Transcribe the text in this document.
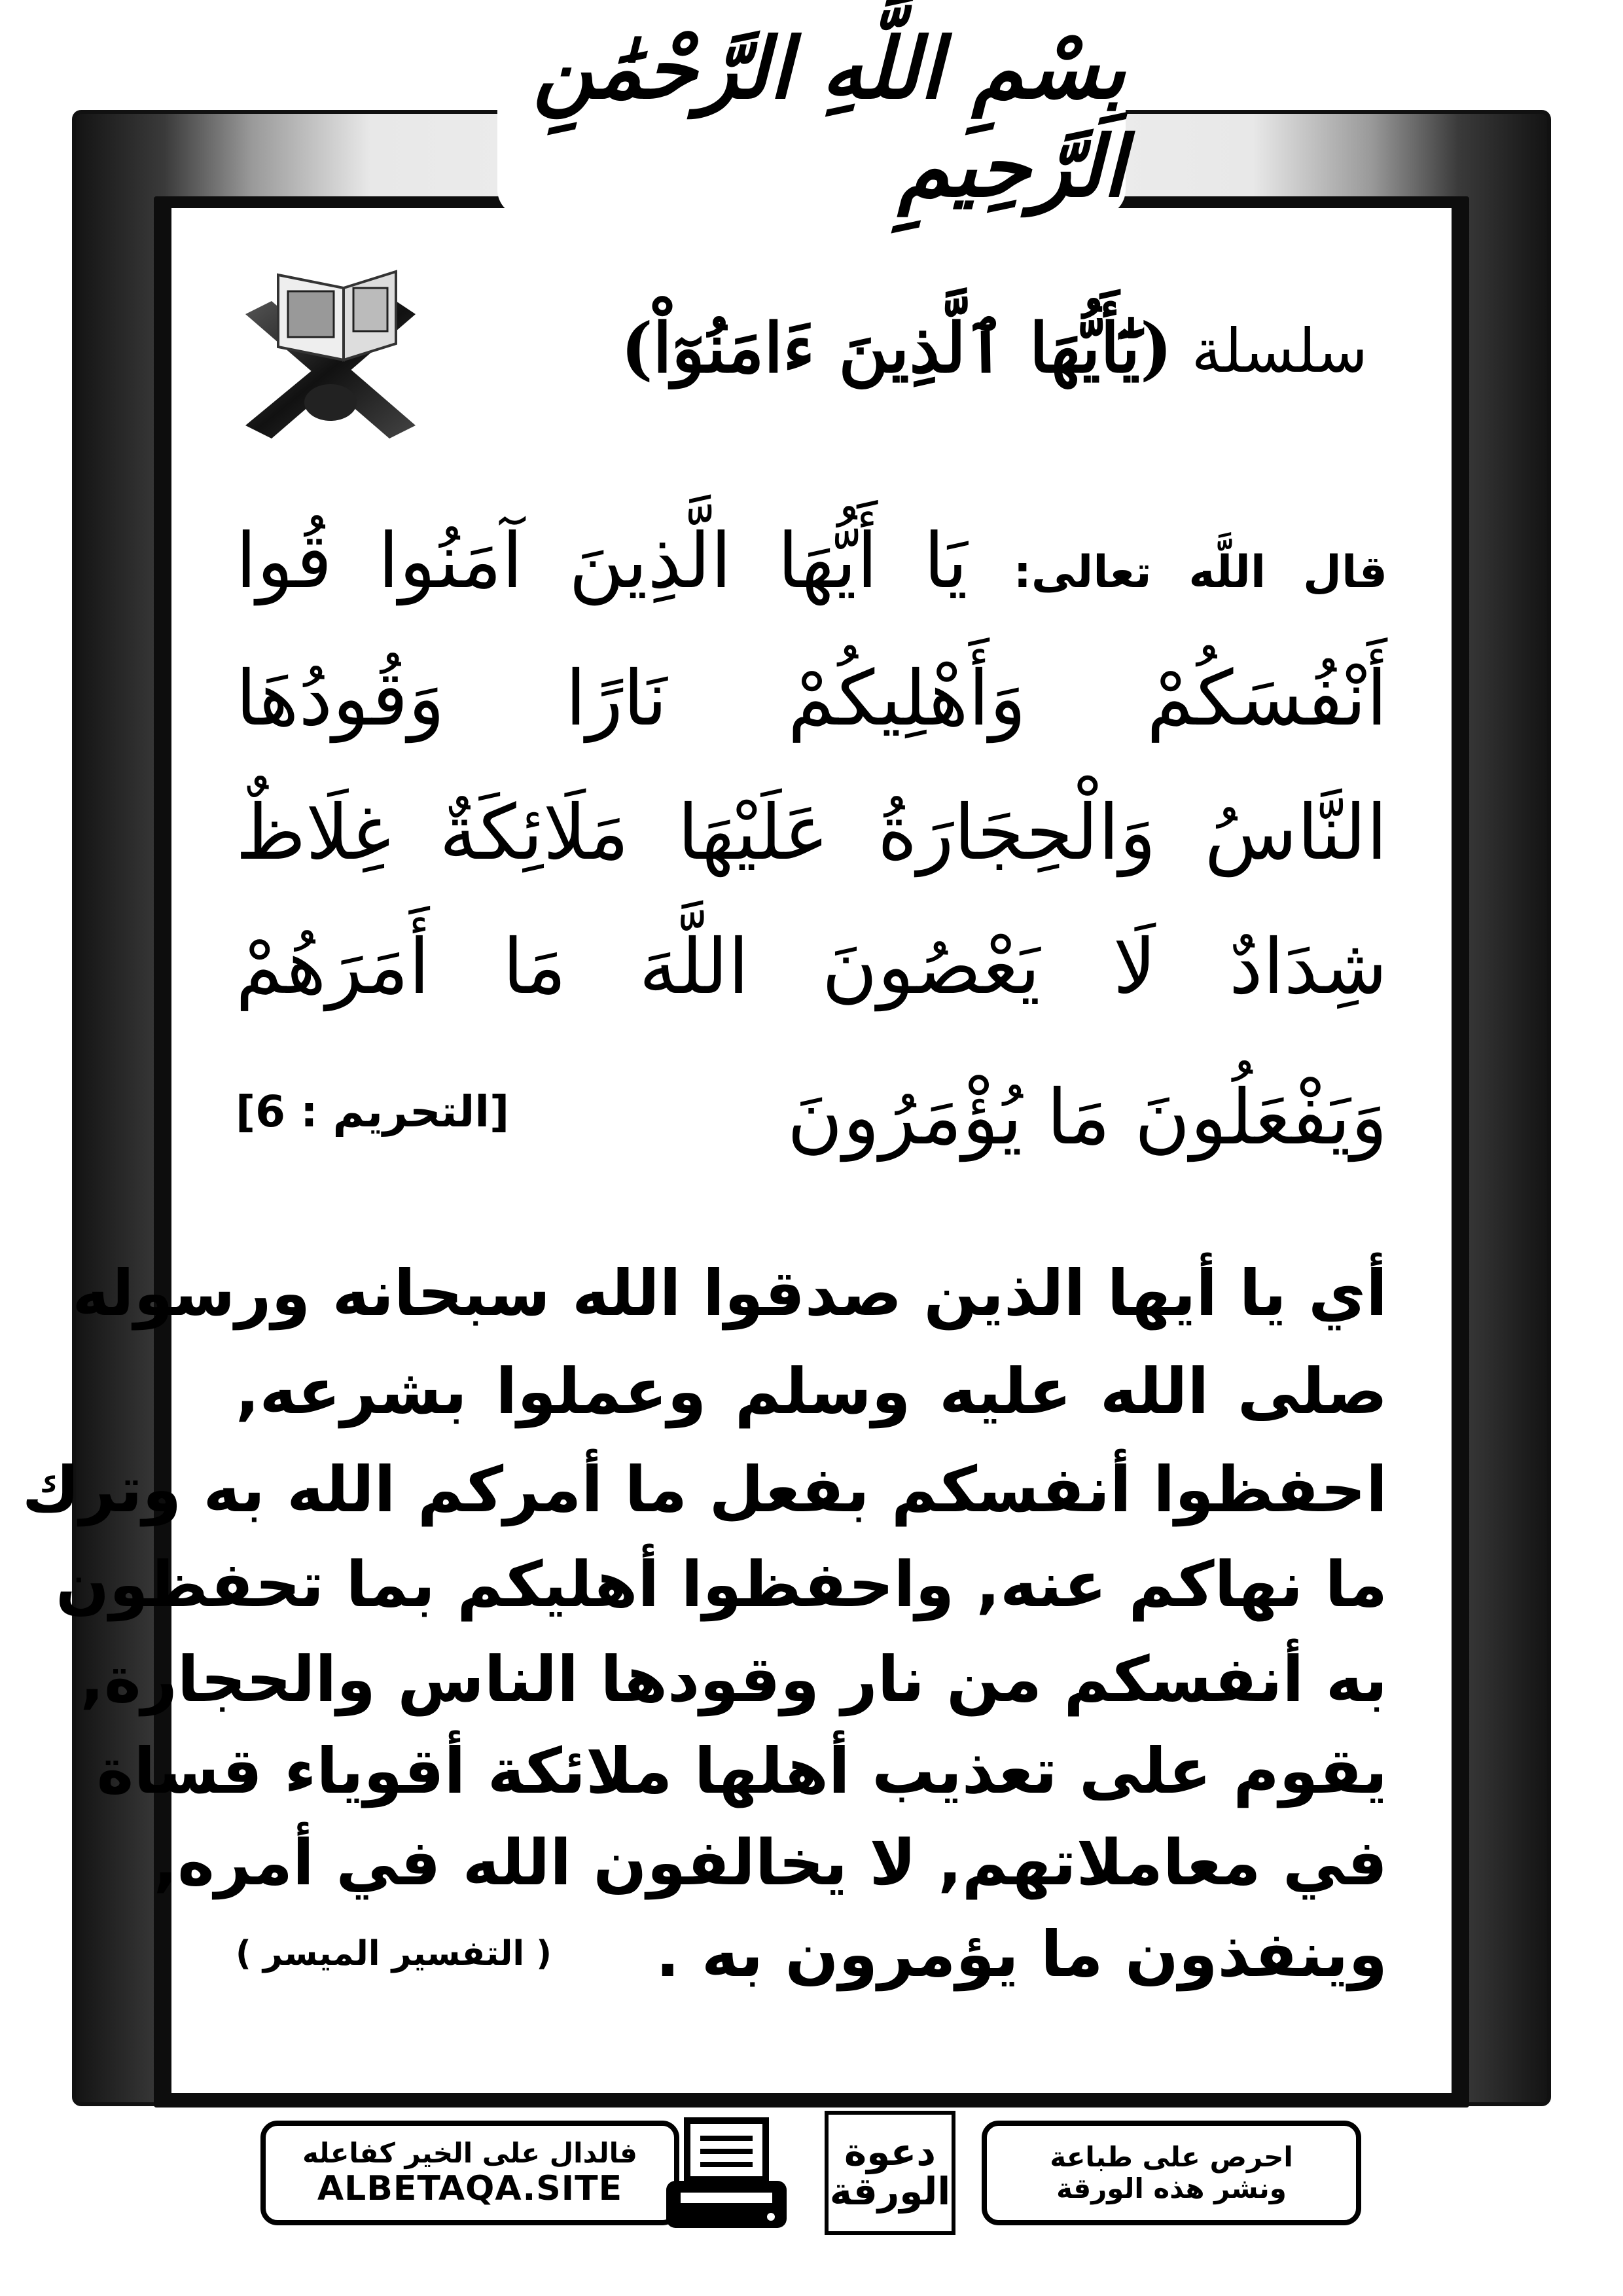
بِسْمِ اللَّهِ الرَّحْمَٰنِ الرَّحِيمِ
سلسلة (يَٰٓأَيُّهَا ٱلَّذِينَ ءَامَنُوٓاْ)
قال اللَّه تعالى: يَا أَيُّهَا الَّذِينَ آمَنُوا قُوا
أَنْفُسَكُمْ وَأَهْلِيكُمْ نَارًا وَقُودُهَا
النَّاسُ وَالْحِجَارَةُ عَلَيْهَا مَلَائِكَةٌ غِلَاظٌ
شِدَادٌ لَا يَعْصُونَ اللَّهَ مَا أَمَرَهُمْ
وَيَفْعَلُونَ مَا يُؤْمَرُونَ
[التحريم : 6]
أي يا أيها الذين صدقوا الله سبحانه ورسوله
صلى الله عليه وسلم وعملوا بشرعه,
احفظوا أنفسكم بفعل ما أمركم الله به وترك
ما نهاكم عنه, واحفظوا أهليكم بما تحفظون
به أنفسكم من نار وقودها الناس والحجارة,
يقوم على تعذيب أهلها ملائكة أقوياء قساة
في معاملاتهم, لا يخالفون الله في أمره,
وينفذون ما يؤمرون به .
( التفسير الميسر )
فالدال على الخير كفاعله
ALBETAQA.SITE
دعوة
الورقة
احرص على طباعة
ونشر هذه الورقة
